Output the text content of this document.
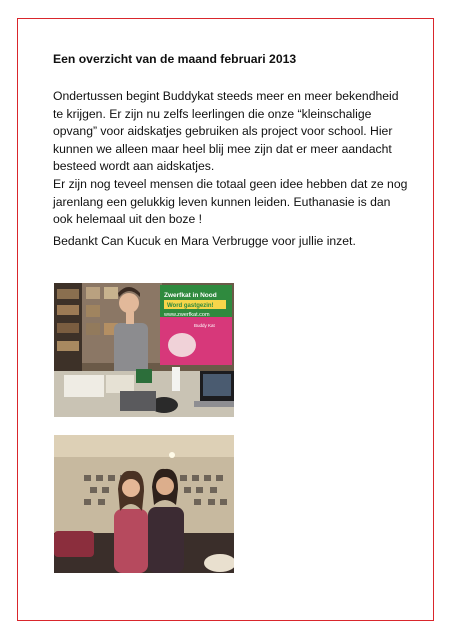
Een overzicht van de maand februari 2013
Ondertussen begint Buddykat steeds meer en meer bekendheid te krijgen. Er zijn nu zelfs leerlingen die onze “kleinschalige opvang” voor aidskatjes gebruiken als project voor school. Hier kunnen we alleen maar heel blij mee zijn dat er meer aandacht besteed wordt aan aidskatjes.
Er zijn nog teveel mensen die totaal geen idee hebben dat ze nog jarenlang een gelukkig leven kunnen leiden. Euthanasie is dan ook helemaal uit den boze !
Bedankt Can Kucuk en Mara Verbrugge voor jullie inzet.
Zwerfkat in Nood
Word gastgezin!
www.zwerfkat.com
Buddy Kat
